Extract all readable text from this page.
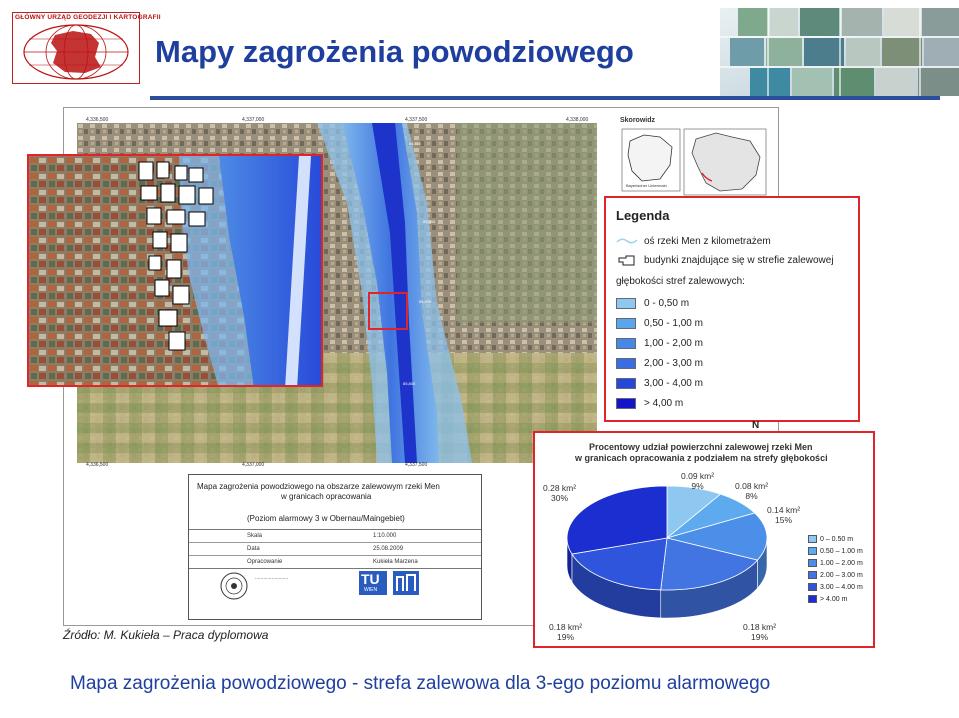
GŁÓWNY URZĄD GEODEZJI I KARTOGRAFII
Mapy zagrożenia powodziowego
84,600
85,000
85,400
85,800
4,336,500	4,337,000	4,337,500	4,338,000
4,336,500	4,337,000	4,337,500
Skorowidz
Bayerischer Untermain
Legenda
oś rzeki Men z kilometrażem
budynki znajdujące się w strefie zalewowej
głębokości stref zalewowych:
0 - 0,50 m
0,50 - 1,00 m
1,00 - 2,00 m
2,00 - 3,00 m
3,00 - 4,00 m
> 4,00 m
N
Mapa zagrożenia powodziowego na obszarze zalewowym rzeki Men
w granicach opracowania
(Poziom alarmowy 3 w Obernau/Maingebiet)
Skala	1:10.000
Data	25.08.2009
Opracowanie	Kukieła Marzena
........................	TU
WIEN
Procentowy udział powierzchni zalewowej rzeki Men
w granicach opracowania z podziałem na strefy głębokości
0.09 km²
9%	0.08 km²
8%
0.14 km²
15%
0.18 km²
19%
0.18 km²
19%
0.28 km²
30%
0 – 0.50 m
0.50 – 1.00 m
1.00 – 2.00 m
2.00 – 3.00 m
3.00 – 4.00 m
> 4.00 m
Źródło: M. Kukieła – Praca dyplomowa
Mapa zagrożenia powodziowego - strefa zalewowa dla 3-ego poziomu alarmowego
